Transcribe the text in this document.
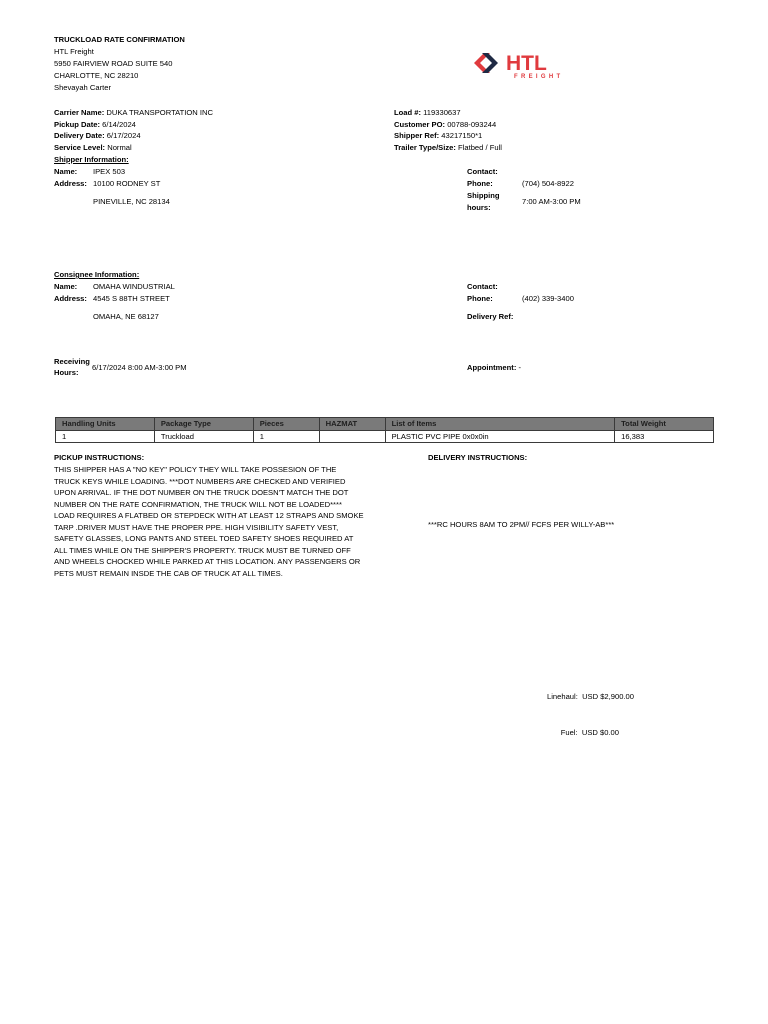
TRUCKLOAD RATE CONFIRMATION
HTL Freight
5950 FAIRVIEW ROAD SUITE 540
CHARLOTTE, NC 28210
Shevayah Carter
HTL
FREIGHT
Carrier Name: DUKA TRANSPORTATION INC
Pickup Date: 6/14/2024
Delivery Date: 6/17/2024
Service Level: Normal
Load #: 119330637
Customer PO: 00788-093244
Shipper Ref: 43217150*1
Trailer Type/Size: Flatbed / Full
Shipper Information:
Name: IPEX 503
Address: 10100 RODNEY ST
PINEVILLE, NC 28134
Contact:
Phone:	(704) 504-8922
Shipping
hours:
7:00 AM-3:00 PM
Consignee Information:
Name: OMAHA WINDUSTRIAL
Address: 4545 S 88TH STREET
OMAHA, NE 68127
Contact:
Phone:	(402) 339-3400
Delivery Ref:
Receiving
Hours:
6/17/2024 8:00 AM-3:00 PM	Appointment: -
Handling Units	Package Type	Pieces	HAZMAT	List of Items	Total Weight
1	Truckload	1		PLASTIC PVC PIPE 0x0x0in	16,383
PICKUP INSTRUCTIONS:
THIS SHIPPER HAS A "NO KEY" POLICY THEY WILL TAKE POSSESION OF THE TRUCK KEYS WHILE LOADING. ***DOT NUMBERS ARE CHECKED AND VERIFIED UPON ARRIVAL. IF THE DOT NUMBER ON THE TRUCK DOESN'T MATCH THE DOT NUMBER ON THE RATE CONFIRMATION, THE TRUCK WILL NOT BE LOADED**** LOAD REQUIRES A FLATBED OR STEPDECK WITH AT LEAST 12 STRAPS AND SMOKE TARP .DRIVER MUST HAVE THE PROPER PPE. HIGH VISIBILITY SAFETY VEST, SAFETY GLASSES, LONG PANTS AND STEEL TOED SAFETY SHOES REQUIRED AT ALL TIMES WHILE ON THE SHIPPER'S PROPERTY. TRUCK MUST BE TURNED OFF AND WHEELS CHOCKED WHILE PARKED AT THIS LOCATION. ANY PASSENGERS OR PETS MUST REMAIN INSDE THE CAB OF TRUCK AT ALL TIMES.
DELIVERY INSTRUCTIONS:
***RC HOURS 8AM TO 2PM// FCFS PER WILLY-AB***
Linehaul: USD $2,900.00
Fuel: USD $0.00
